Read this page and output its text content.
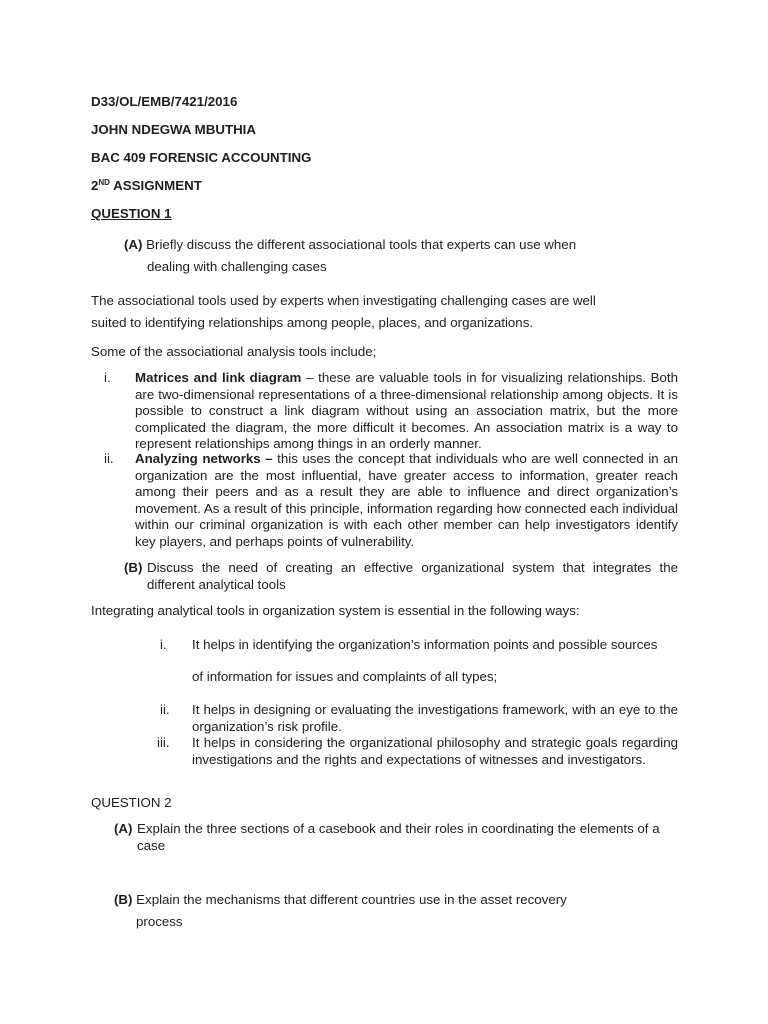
D33/OL/EMB/7421/2016

JOHN NDEGWA MBUTHIA

BAC 409 FORENSIC ACCOUNTING

2ND ASSIGNMENT

QUESTION 1

(A) Briefly discuss the different associational tools that experts can use when

dealing with challenging cases

The associational tools used by experts when investigating challenging cases are well

suited to identifying relationships among people, places, and organizations.

Some of the associational analysis tools include;

i.	Matrices and link diagram – these are valuable tools in for visualizing relationships. Both are two-dimensional representations of a three-dimensional relationship among objects. It is possible to construct a link diagram without using an association matrix, but the more complicated the diagram, the more difficult it becomes. An association matrix is a way to represent relationships among things in an orderly manner.

ii.	Analyzing networks – this uses the concept that individuals who are well connected in an organization are the most influential, have greater access to information, greater reach among their peers and as a result they are able to influence and direct organization’s movement. As a result of this principle, information regarding how connected each individual within our criminal organization is with each other member can help investigators identify key players, and perhaps points of vulnerability.

(B) Discuss the need of creating an effective organizational system that integrates the different analytical tools

Integrating analytical tools in organization system is essential in the following ways:

i. It helps in identifying the organization’s information points and possible sources

of information for issues and complaints of all types;

ii.	It helps in designing or evaluating the investigations framework, with an eye to the organization’s risk profile.

iii.	It helps in considering the organizational philosophy and strategic goals regarding investigations and the rights and expectations of witnesses and investigators.

QUESTION 2

(A) Explain the three sections of a casebook and their roles in coordinating the elements of a case

(B) Explain the mechanisms that different countries use in the asset recovery

process
